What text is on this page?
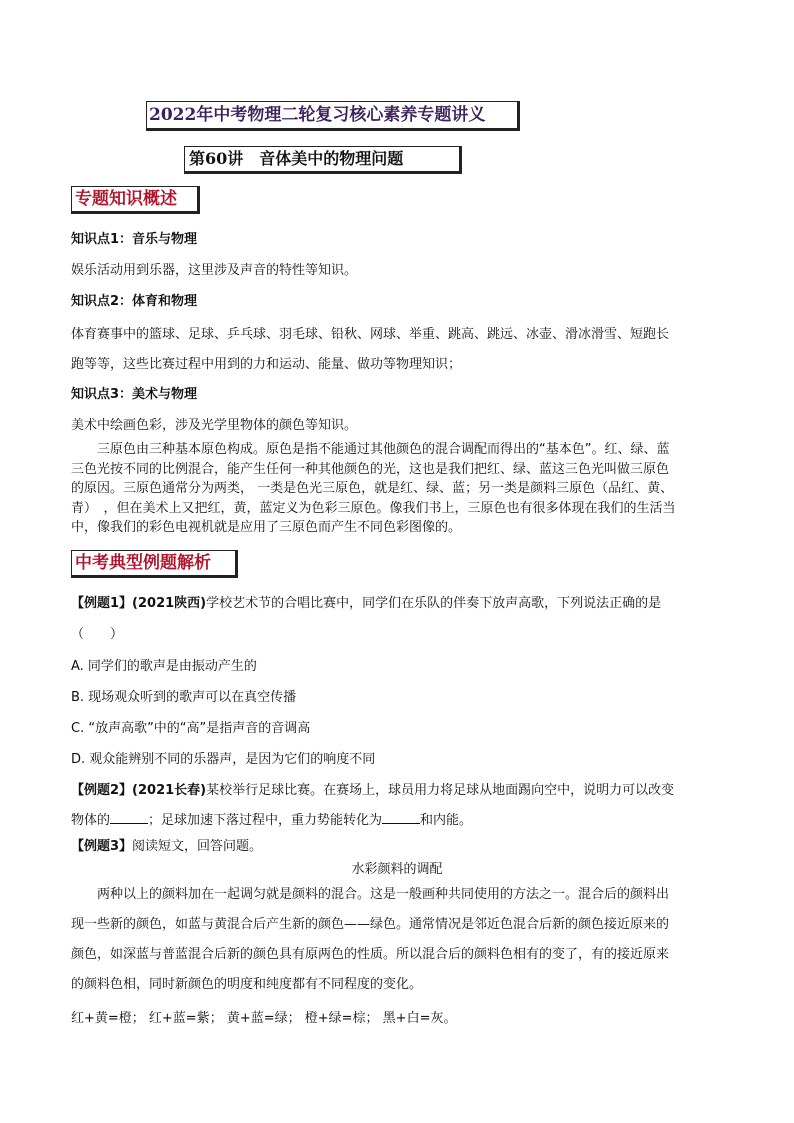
2022年中考物理二轮复习核心素养专题讲义
第60讲　音体美中的物理问题
专题知识概述
知识点1：音乐与物理
娱乐活动用到乐器，这里涉及声音的特性等知识。
知识点2：体育和物理
体育赛事中的篮球、足球、乒乓球、羽毛球、铅秋、网球、举重、跳高、跳远、冰壶、滑冰滑雪、短跑长
跑等等，这些比赛过程中用到的力和运动、能量、做功等物理知识；
知识点3：美术与物理
美术中绘画色彩，涉及光学里物体的颜色等知识。
　　三原色由三种基本原色构成。原色是指不能通过其他颜色的混合调配而得出的“基本色”。红、绿、蓝
三色光按不同的比例混合，能产生任何一种其他颜色的光，这也是我们把红、绿、蓝这三色光叫做三原色
的原因。三原色通常分为两类， 一类是色光三原色，就是红、绿、蓝；另一类是颜料三原色（品红、黄、
青）　，但在美术上又把红，黄，蓝定义为色彩三原色。像我们书上，三原色也有很多体现在我们的生活当
中，像我们的彩色电视机就是应用了三原色而产生不同色彩图像的。
中考典型例题解析
【例题1】(2021陕西)学校艺术节的合唱比赛中，同学们在乐队的伴奏下放声高歌，下列说法正确的是
（　　）
A. 同学们的歌声是由振动产生的
B. 现场观众听到的歌声可以在真空传播
C. “放声高歌”中的“高”是指声音的音调高
D. 观众能辨别不同的乐器声，是因为它们的响度不同
【例题2】(2021长春)某校举行足球比赛。在赛场上，球员用力将足球从地面踢向空中，说明力可以改变
物体的	；足球加速下落过程中，重力势能转化为	和内能。
【例题3】阅读短文，回答问题。
水彩颜料的调配
　　两种以上的颜料加在一起调匀就是颜料的混合。这是一般画种共同使用的方法之一。混合后的颜料出
现一些新的颜色，如蓝与黄混合后产生新的颜色——绿色。通常情况是邻近色混合后新的颜色接近原来的
颜色，如深蓝与普蓝混合后新的颜色具有原两色的性质。所以混合后的颜料色相有的变了，有的接近原来
的颜料色相，同时新颜色的明度和纯度都有不同程度的变化。
红+黄=橙； 红+蓝=紫； 黄+蓝=绿； 橙+绿=棕； 黑+白=灰。
